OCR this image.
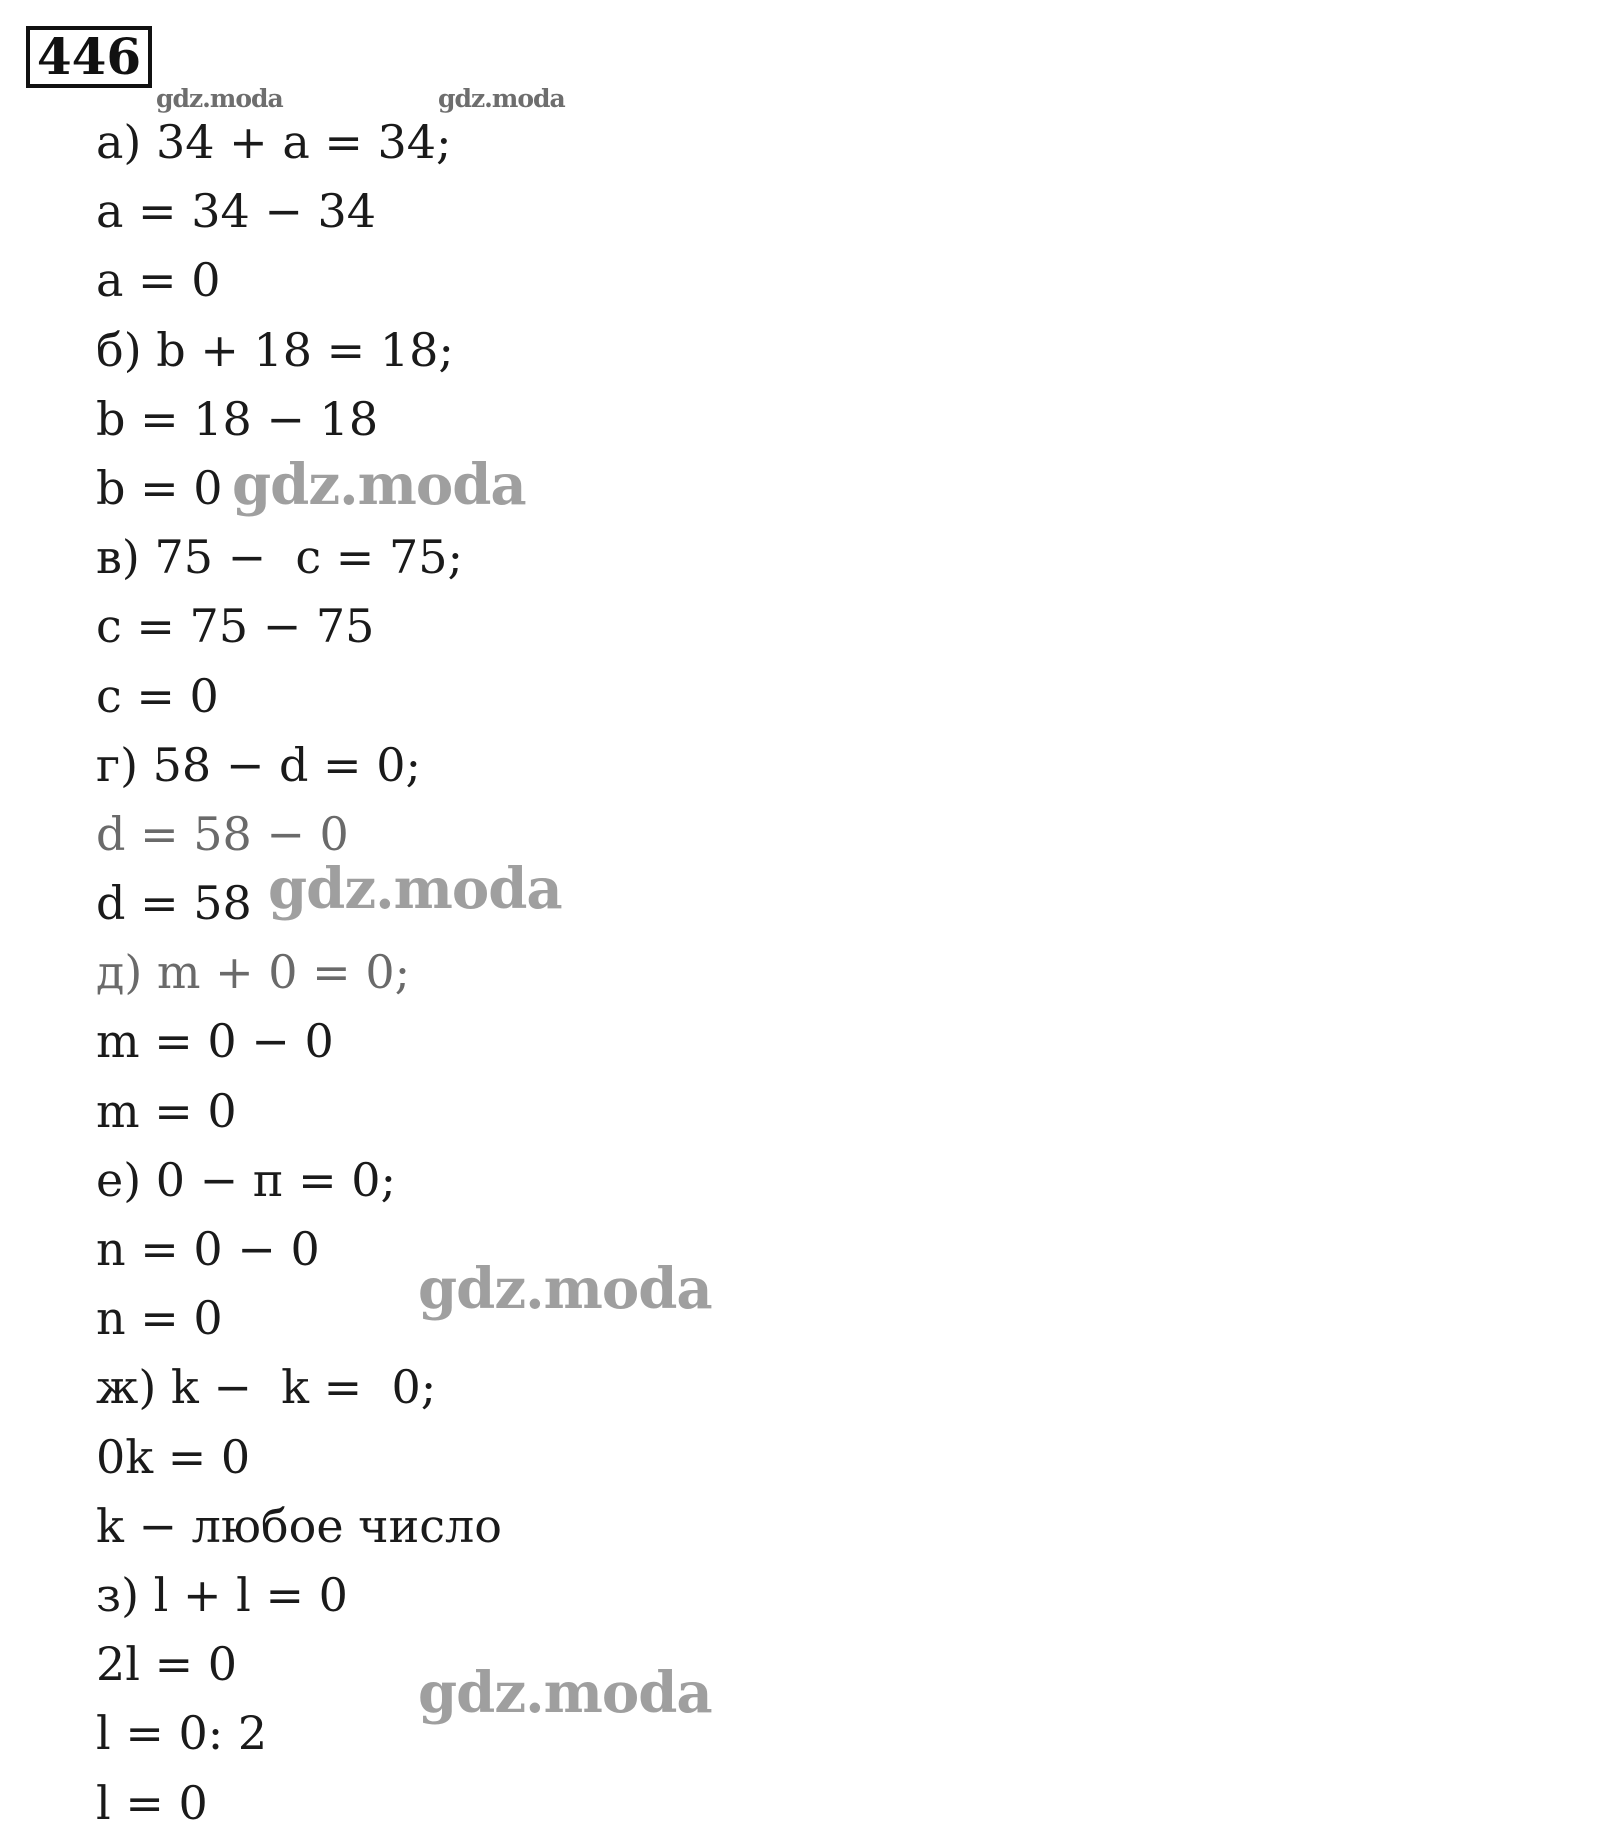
446
gdz.moda	gdz.moda
а) 34 + а = 34;
a = 34 − 34
a = 0
б) b + 18 = 18;
b = 18 − 18
b = 0
в) 75 −  с = 75;
c = 75 − 75
c = 0
г) 58 − d = 0;
d = 58 − 0
d = 58
д) m + 0 = 0;
m = 0 − 0
m = 0
е) 0 − п = 0;
n = 0 − 0
n = 0
ж) k −  k =  0;
0k = 0
k − любое число
з) l + l = 0
2l = 0
l = 0: 2
l = 0
gdz.moda
gdz.moda
gdz.moda
gdz.moda
